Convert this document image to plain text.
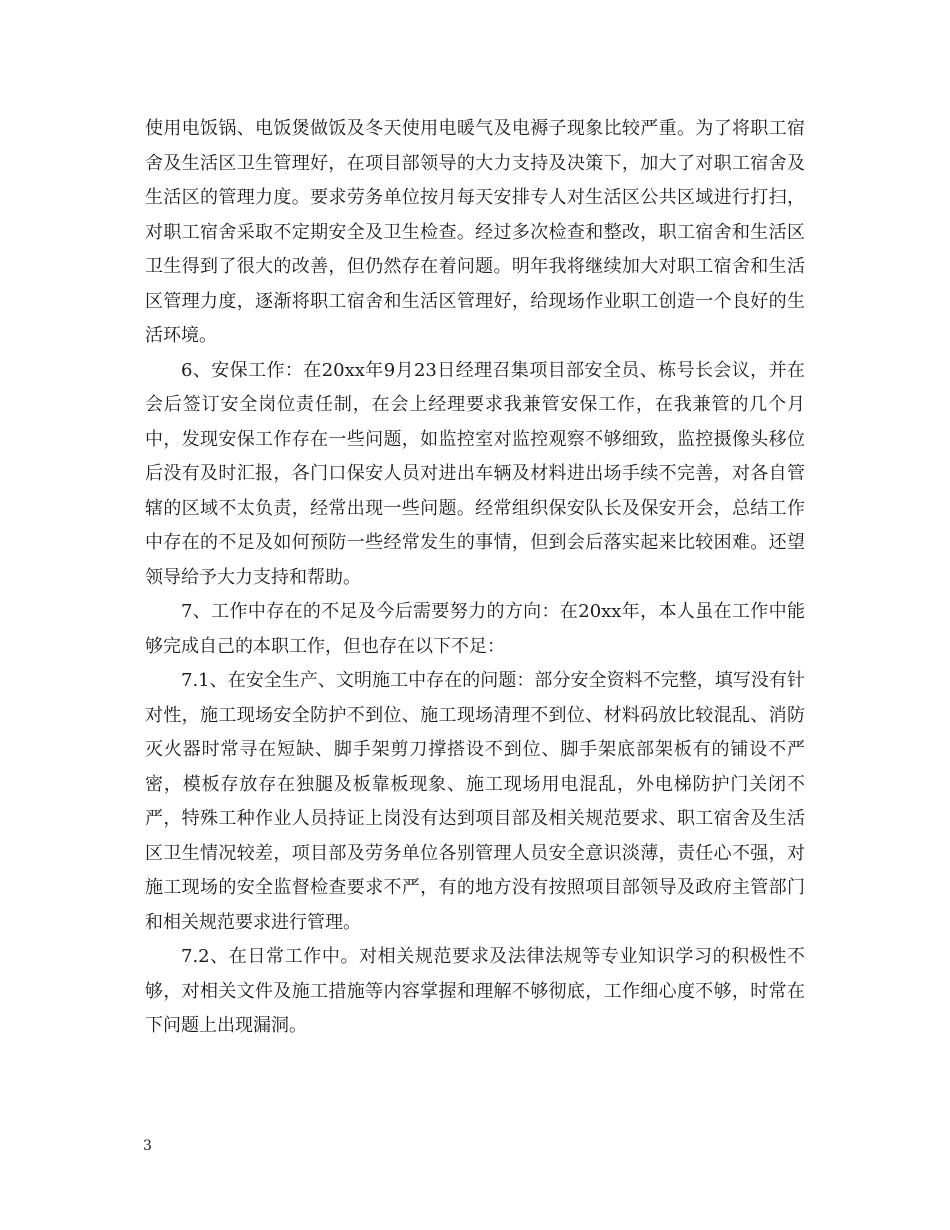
使用电饭锅、电饭煲做饭及冬天使用电暖气及电褥子现象比较严重。为了将职工宿舍及生活区卫生管理好，在项目部领导的大力支持及决策下，加大了对职工宿舍及生活区的管理力度。要求劳务单位按月每天安排专人对生活区公共区域进行打扫，对职工宿舍采取不定期安全及卫生检查。经过多次检查和整改，职工宿舍和生活区卫生得到了很大的改善，但仍然存在着问题。明年我将继续加大对职工宿舍和生活区管理力度，逐渐将职工宿舍和生活区管理好，给现场作业职工创造一个良好的生活环境。

6、安保工作：在20xx年9月23日经理召集项目部安全员、栋号长会议，并在会后签订安全岗位责任制，在会上经理要求我兼管安保工作，在我兼管的几个月中，发现安保工作存在一些问题，如监控室对监控观察不够细致，监控摄像头移位后没有及时汇报，各门口保安人员对进出车辆及材料进出场手续不完善，对各自管辖的区域不太负责，经常出现一些问题。经常组织保安队长及保安开会，总结工作中存在的不足及如何预防一些经常发生的事情，但到会后落实起来比较困难。还望领导给予大力支持和帮助。

7、工作中存在的不足及今后需要努力的方向：在20xx年，本人虽在工作中能够完成自己的本职工作，但也存在以下不足：

7.1、在安全生产、文明施工中存在的问题：部分安全资料不完整，填写没有针对性，施工现场安全防护不到位、施工现场清理不到位、材料码放比较混乱、消防灭火器时常寻在短缺、脚手架剪刀撑搭设不到位、脚手架底部架板有的铺设不严密，模板存放存在独腿及板靠板现象、施工现场用电混乱，外电梯防护门关闭不严，特殊工种作业人员持证上岗没有达到项目部及相关规范要求、职工宿舍及生活区卫生情况较差，项目部及劳务单位各别管理人员安全意识淡薄，责任心不强，对施工现场的安全监督检查要求不严，有的地方没有按照项目部领导及政府主管部门和相关规范要求进行管理。

7.2、在日常工作中。对相关规范要求及法律法规等专业知识学习的积极性不够，对相关文件及施工措施等内容掌握和理解不够彻底，工作细心度不够，时常在下问题上出现漏洞。

3
